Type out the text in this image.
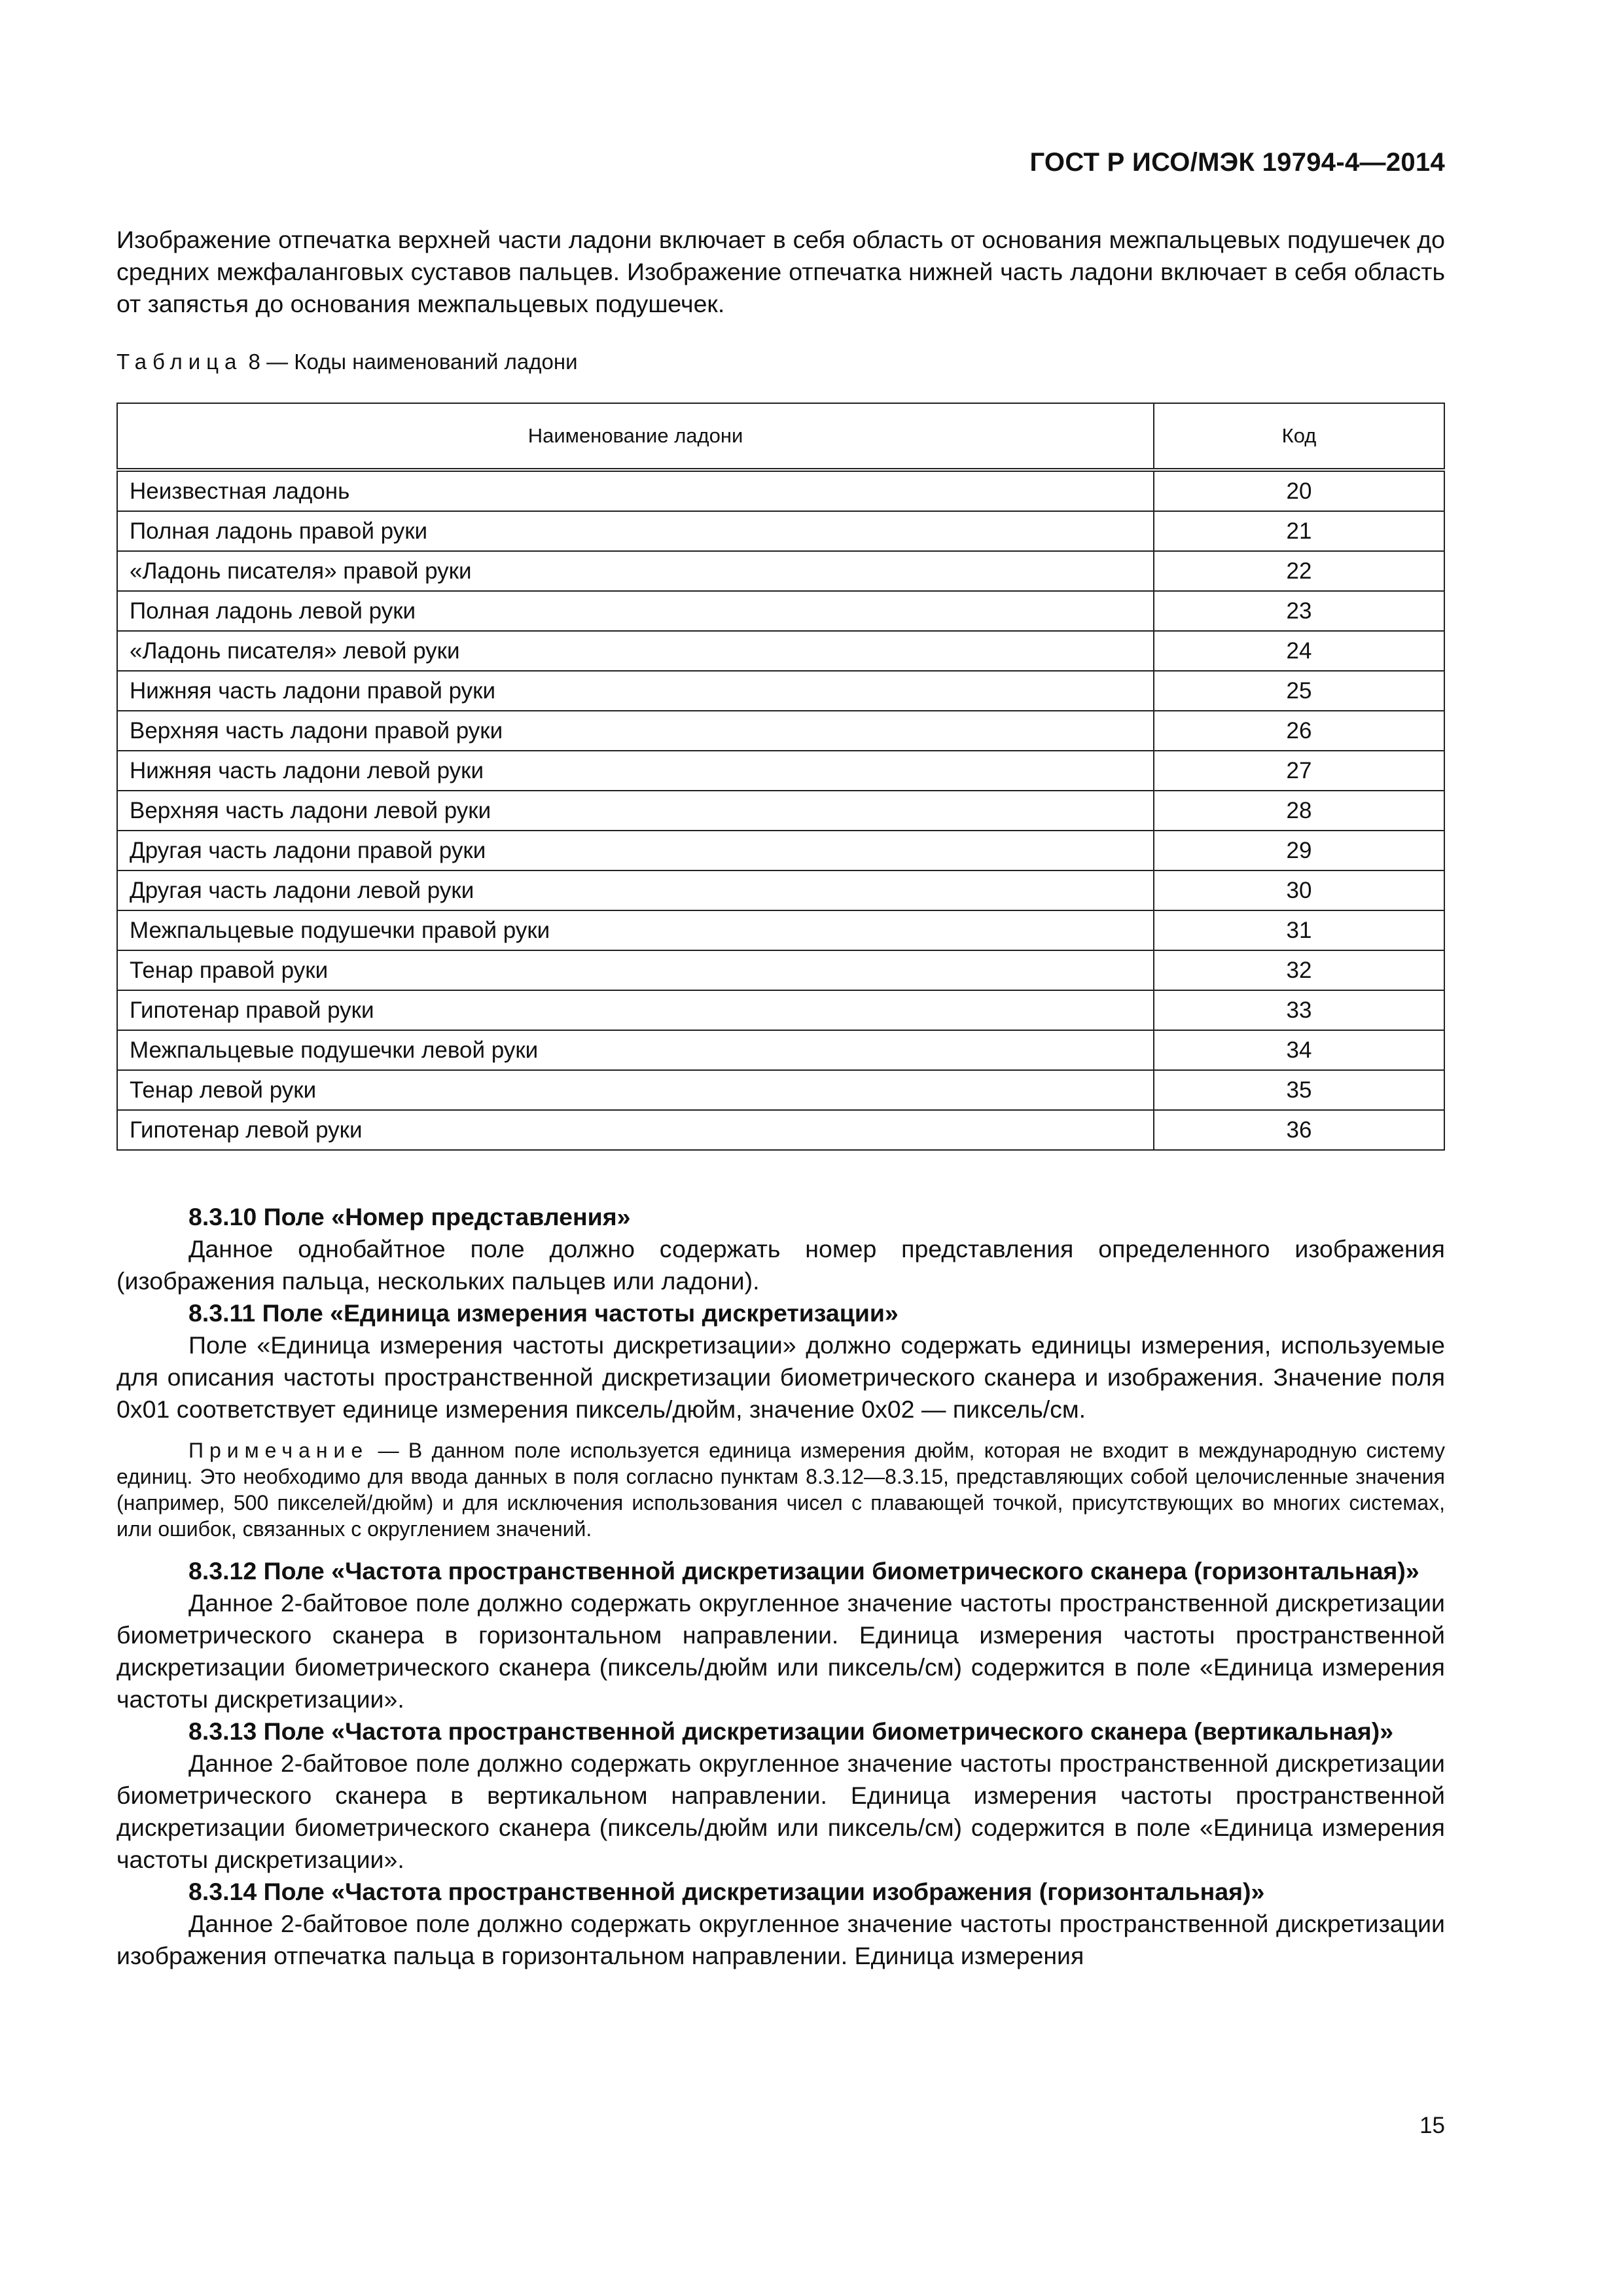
ГОСТ Р ИСО/МЭК 19794-4—2014

Изображение отпечатка верхней части ладони включает в себя область от основания межпальцевых подушечек до средних межфаланговых суставов пальцев. Изображение отпечатка нижней часть ладони включает в себя область от запястья до основания межпальцевых подушечек.

Таблица 8 — Коды наименований ладони
Наименование ладони	Код
Неизвестная ладонь	20
Полная ладонь правой руки	21
«Ладонь писателя» правой руки	22
Полная ладонь левой руки	23
«Ладонь писателя» левой руки	24
Нижняя часть ладони правой руки	25
Верхняя часть ладони правой руки	26
Нижняя часть ладони левой руки	27
Верхняя часть ладони левой руки	28
Другая часть ладони правой руки	29
Другая часть ладони левой руки	30
Межпальцевые подушечки правой руки	31
Тенар правой руки	32
Гипотенар правой руки	33
Межпальцевые подушечки левой руки	34
Тенар левой руки	35
Гипотенар левой руки	36

8.3.10 Поле «Номер представления»

Данное однобайтное поле должно содержать номер представления определенного изображения (изображения пальца, нескольких пальцев или ладони).

8.3.11 Поле «Единица измерения частоты дискретизации»

Поле «Единица измерения частоты дискретизации» должно содержать единицы измерения, используемые для описания частоты пространственной дискретизации биометрического сканера и изображения. Значение поля 0x01 соответствует единице измерения пиксель/дюйм, значение 0x02 — пиксель/см.

Примечание — В данном поле используется единица измерения дюйм, которая не входит в международную систему единиц. Это необходимо для ввода данных в поля согласно пунктам 8.3.12—8.3.15, представляющих собой целочисленные значения (например, 500 пикселей/дюйм) и для исключения использования чисел с плавающей точкой, присутствующих во многих системах, или ошибок, связанных с округлением значений.

8.3.12 Поле «Частота пространственной дискретизации биометрического сканера (горизонтальная)»

Данное 2-байтовое поле должно содержать округленное значение частоты пространственной дискретизации биометрического сканера в горизонтальном направлении. Единица измерения частоты пространственной дискретизации биометрического сканера (пиксель/дюйм или пиксель/см) содержится в поле «Единица измерения частоты дискретизации».

8.3.13 Поле «Частота пространственной дискретизации биометрического сканера (вертикальная)»

Данное 2-байтовое поле должно содержать округленное значение частоты пространственной дискретизации биометрического сканера в вертикальном направлении. Единица измерения частоты пространственной дискретизации биометрического сканера (пиксель/дюйм или пиксель/см) содержится в поле «Единица измерения частоты дискретизации».

8.3.14 Поле «Частота пространственной дискретизации изображения (горизонтальная)»

Данное 2-байтовое поле должно содержать округленное значение частоты пространственной дискретизации изображения отпечатка пальца в горизонтальном направлении. Единица измерения

15
